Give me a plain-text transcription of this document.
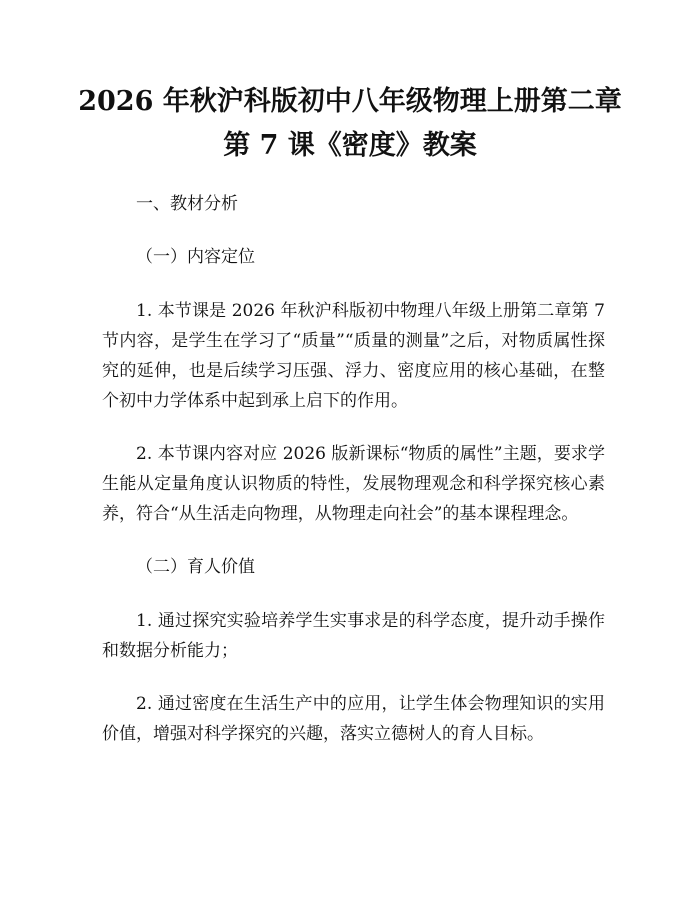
2026 年秋沪科版初中八年级物理上册第二章
第 7 课《密度》教案

一、教材分析

（一）内容定位

1. 本节课是 2026 年秋沪科版初中物理八年级上册第二章第 7 节内容，是学生在学习了“质量”“质量的测量”之后，对物质属性探究的延伸，也是后续学习压强、浮力、密度应用的核心基础，在整个初中力学体系中起到承上启下的作用。

2. 本节课内容对应 2026 版新课标“物质的属性”主题，要求学生能从定量角度认识物质的特性，发展物理观念和科学探究核心素养，符合“从生活走向物理，从物理走向社会”的基本课程理念。

（二）育人价值

1. 通过探究实验培养学生实事求是的科学态度，提升动手操作和数据分析能力；

2. 通过密度在生活生产中的应用，让学生体会物理知识的实用价值，增强对科学探究的兴趣，落实立德树人的育人目标。
